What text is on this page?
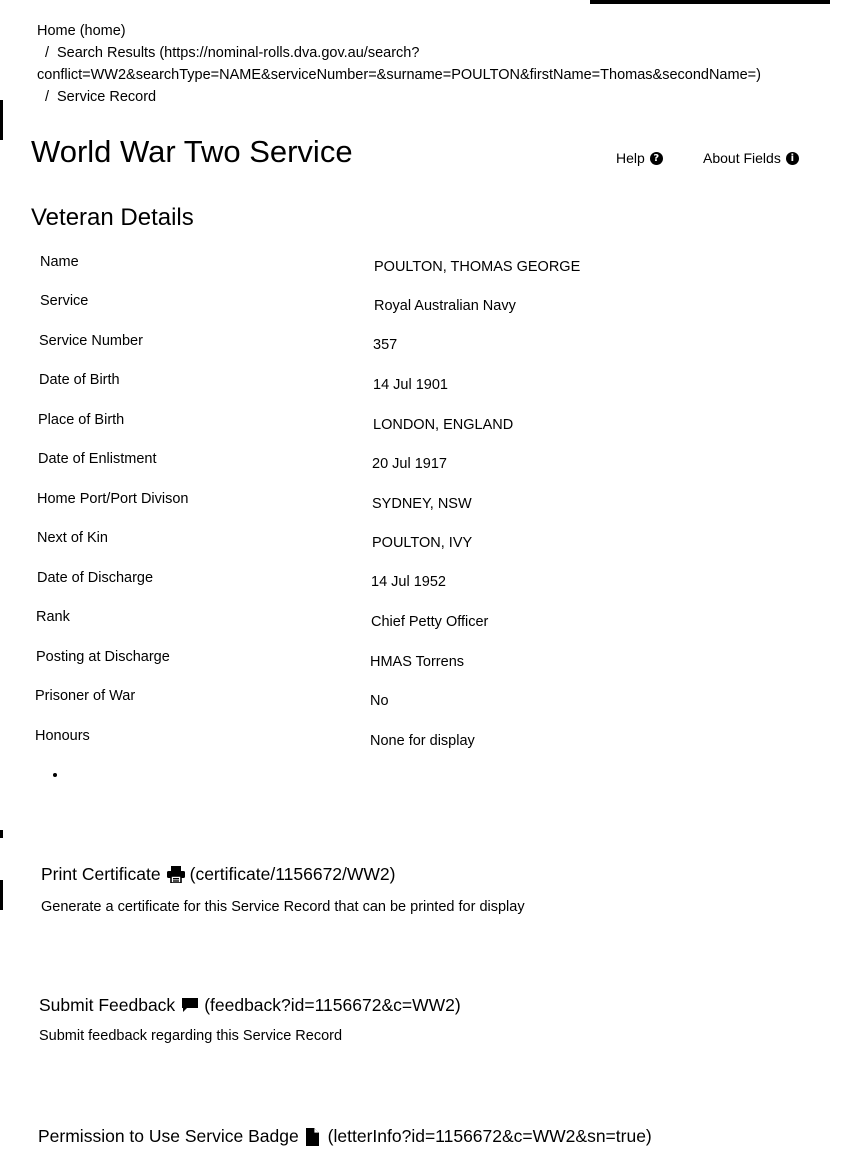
Home (home)
/ Search Results (https://nominal-rolls.dva.gov.au/search?
conflict=WW2&searchType=NAME&serviceNumber=&surname=POULTON&firstName=Thomas&secondName=)
/ Service Record
World War Two Service	Help ?	About Fields i
Veteran Details
Name	POULTON, THOMAS GEORGE
Service	Royal Australian Navy
Service Number	357
Date of Birth	14 Jul 1901
Place of Birth	LONDON, ENGLAND
Date of Enlistment	20 Jul 1917
Home Port/Port Divison	SYDNEY, NSW
Next of Kin	POULTON, IVY
Date of Discharge	14 Jul 1952
Rank	Chief Petty Officer
Posting at Discharge	HMAS Torrens
Prisoner of War	No
Honours	None for display
Print Certificate (certificate/1156672/WW2)
Generate a certificate for this Service Record that can be printed for display
Submit Feedback (feedback?id=1156672&c=WW2)
Submit feedback regarding this Service Record
Permission to Use Service Badge (letterInfo?id=1156672&c=WW2&sn=true)
